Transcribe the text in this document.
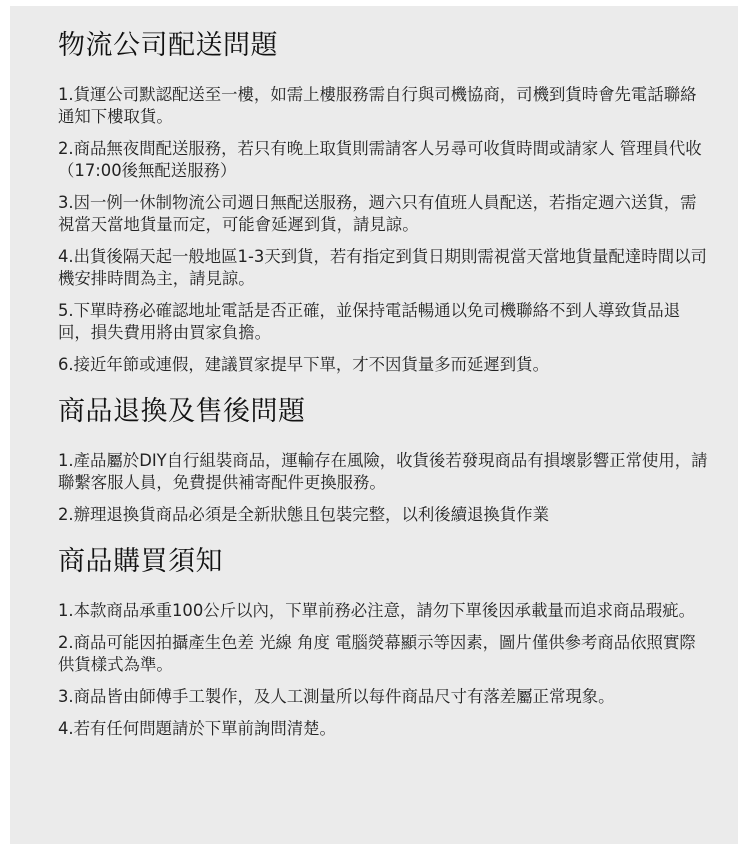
物流公司配送問題

1.貨運公司默認配送至一樓，如需上樓服務需自行與司機協商，司機到貨時會先電話聯絡通知下樓取貨。

2.商品無夜間配送服務，若只有晚上取貨則需請客人另尋可收貨時間或請家人 管理員代收（17:00後無配送服務）

3.因一例一休制物流公司週日無配送服務，週六只有值班人員配送，若指定週六送貨，需視當天當地貨量而定，可能會延遲到貨，請見諒。

4.出貨後隔天起一般地區1-3天到貨，若有指定到貨日期則需視當天當地貨量配達時間以司機安排時間為主，請見諒。

5.下單時務必確認地址電話是否正確，並保持電話暢通以免司機聯絡不到人導致貨品退回，損失費用將由買家負擔。

6.接近年節或連假，建議買家提早下單，才不因貨量多而延遲到貨。

商品退換及售後問題

1.產品屬於DIY自行組裝商品，運輸存在風險，收貨後若發現商品有損壞影響正常使用，請聯繫客服人員，免費提供補寄配件更換服務。

2.辦理退換貨商品必須是全新狀態且包裝完整，以利後續退換貨作業

商品購買須知

1.本款商品承重100公斤以內，下單前務必注意，請勿下單後因承載量而追求商品瑕疵。

2.商品可能因拍攝產生色差 光線 角度 電腦熒幕顯示等因素，圖片僅供參考商品依照實際供貨樣式為準。

3.商品皆由師傅手工製作，及人工測量所以每件商品尺寸有落差屬正常現象。

4.若有任何問題請於下單前詢問清楚。
